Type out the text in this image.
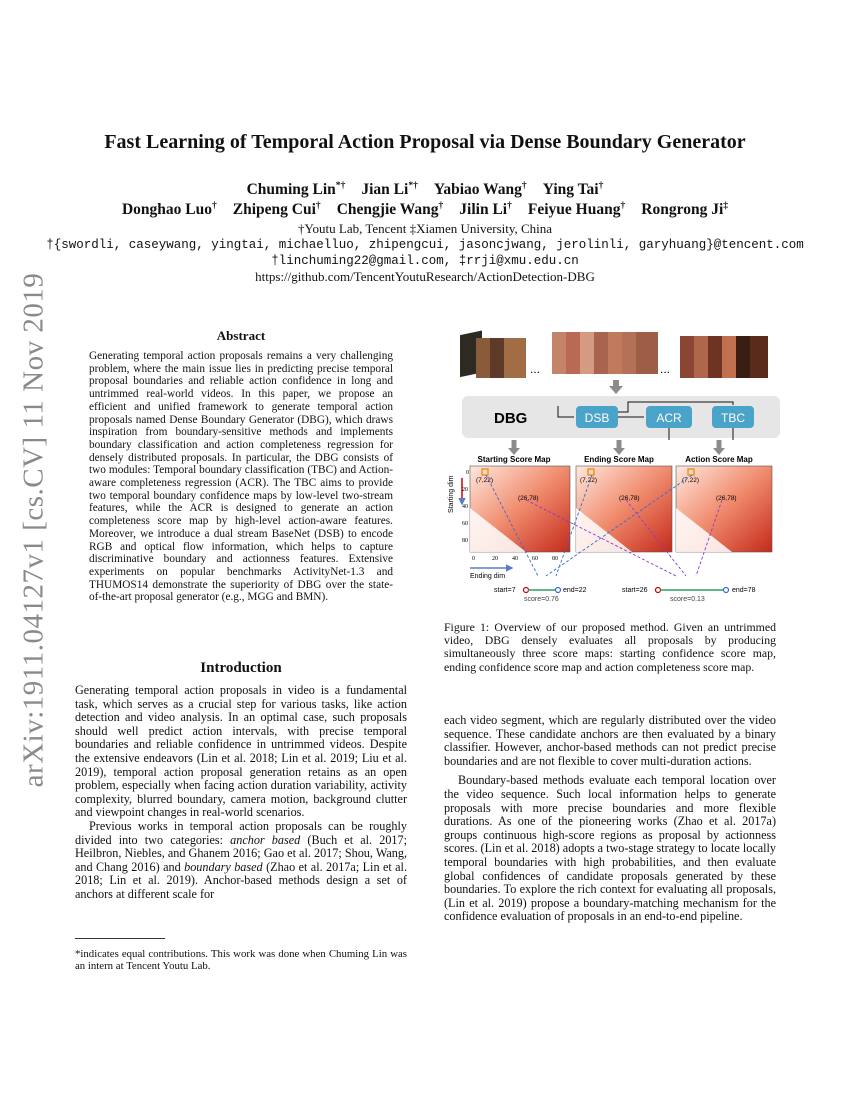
arXiv:1911.04127v1 [cs.CV] 11 Nov 2019
Fast Learning of Temporal Action Proposal via Dense Boundary Generator
Chuming Lin*† Jian Li*† Yabiao Wang† Ying Tai†
Donghao Luo† Zhipeng Cui† Chengjie Wang† Jilin Li† Feiyue Huang† Rongrong Ji‡
†Youtu Lab, Tencent ‡Xiamen University, China
†{swordli, caseywang, yingtai, michaelluo, zhipengcui, jasoncjwang, jerolinli, garyhuang}@tencent.com
†linchuming22@gmail.com, ‡rrji@xmu.edu.cn
https://github.com/TencentYoutuResearch/ActionDetection-DBG
Abstract
Generating temporal action proposals remains a very challenging problem, where the main issue lies in predicting precise temporal proposal boundaries and reliable action confidence in long and untrimmed real-world videos. In this paper, we propose an efficient and unified framework to generate temporal action proposals named Dense Boundary Generator (DBG), which draws inspiration from boundary-sensitive methods and implements boundary classification and action completeness regression for densely distributed proposals. In particular, the DBG consists of two modules: Temporal boundary classification (TBC) and Action-aware completeness regression (ACR). The TBC aims to provide two temporal boundary confidence maps by low-level two-stream features, while the ACR is designed to generate an action completeness score map by high-level action-aware features. Moreover, we introduce a dual stream BaseNet (DSB) to encode RGB and optical flow information, which helps to capture discriminative boundary and actionness features. Extensive experiments on popular benchmarks ActivityNet-1.3 and THUMOS14 demonstrate the superiority of DBG over the state-of-the-art proposal generator (e.g., MGG and BMN).
Introduction

Generating temporal action proposals in video is a fundamental task, which serves as a crucial step for various tasks, like action detection and video analysis. In an optimal case, such proposals should well predict action intervals, with precise temporal boundaries and reliable confidence in untrimmed videos. Despite the extensive endeavors (Lin et al. 2018; Lin et al. 2019; Liu et al. 2019), temporal action proposal generation retains as an open problem, especially when facing action duration variability, activity complexity, blurred boundary, camera motion, background clutter and viewpoint changes in real-world scenarios.

Previous works in temporal action proposals can be roughly divided into two categories: anchor based (Buch et al. 2017; Heilbron, Niebles, and Ghanem 2016; Gao et al. 2017; Shou, Wang, and Chang 2016) and boundary based (Zhao et al. 2017a; Lin et al. 2018; Lin et al. 2019). Anchor-based methods design a set of anchors at different scale for

*indicates equal contributions. This work was done when Chuming Lin was an intern at Tencent Youtu Lab.
...	...
DBG	DSB	ACR	TBC
Starting Score Map	Ending Score Map	Action Score Map
(7,22)
(26,78)
(7,22)
(26,78)
(7,22)
(26,78)
Starting dim
0
20
40
60
80
0	20 40 60 80
Ending dim
start=7	end=22
score=0.76
start=26	end=78
score=0.13
Figure 1: Overview of our proposed method. Given an untrimmed video, DBG densely evaluates all proposals by producing simultaneously three score maps: starting confidence score map, ending confidence score map and action completeness score map.

each video segment, which are regularly distributed over the video sequence. These candidate anchors are then evaluated by a binary classifier. However, anchor-based methods can not predict precise boundaries and are not flexible to cover multi-duration actions.

Boundary-based methods evaluate each temporal location over the video sequence. Such local information helps to generate proposals with more precise boundaries and more flexible durations. As one of the pioneering works (Zhao et al. 2017a) groups continuous high-score regions as proposal by actionness scores. (Lin et al. 2018) adopts a two-stage strategy to locate locally temporal boundaries with high probabilities, and then evaluate global confidences of candidate proposals generated by these boundaries. To explore the rich context for evaluating all proposals, (Lin et al. 2019) propose a boundary-matching mechanism for the confidence evaluation of proposals in an end-to-end pipeline.
